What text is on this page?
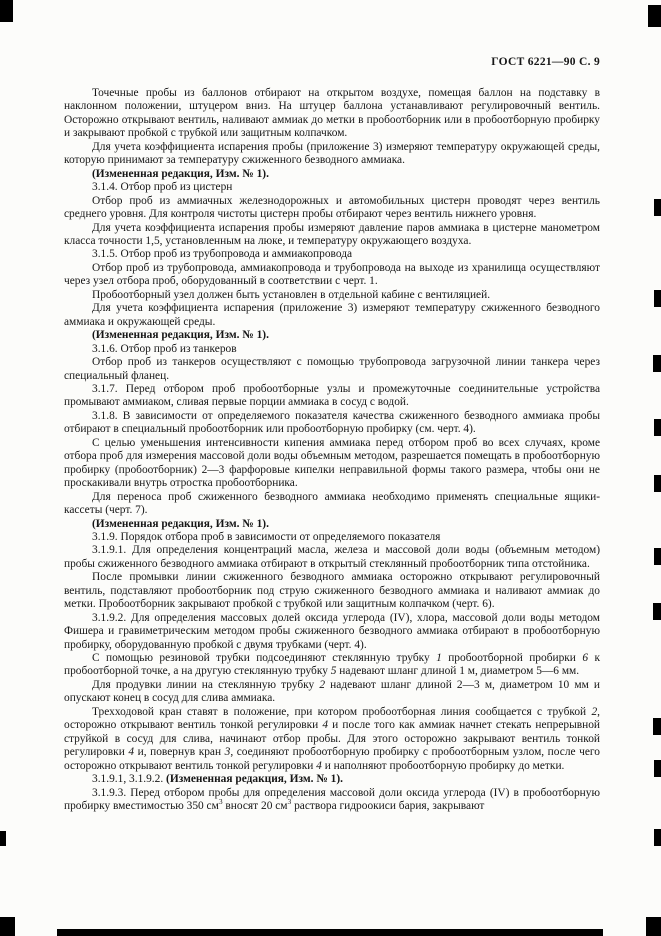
ГОСТ 6221—90 С. 9

Точечные пробы из баллонов отбирают на открытом воздухе, помещая баллон на подставку в наклонном положении, штуцером вниз. На штуцер баллона устанавливают регулировочный вентиль. Осторожно открывают вентиль, наливают аммиак до метки в пробоотборник или в пробоотборную пробирку и закрывают пробкой с трубкой или защитным колпачком.

Для учета коэффициента испарения пробы (приложение 3) измеряют температуру окружающей среды, которую принимают за температуру сжиженного безводного аммиака.

(Измененная редакция, Изм. № 1).

3.1.4. Отбор проб из цистерн

Отбор проб из аммиачных железнодорожных и автомобильных цистерн проводят через вентиль среднего уровня. Для контроля чистоты цистерн пробы отбирают через вентиль нижнего уровня.

Для учета коэффициента испарения пробы измеряют давление паров аммиака в цистерне манометром класса точности 1,5, установленным на люке, и температуру окружающего воздуха.

3.1.5. Отбор проб из трубопровода и аммиакопровода

Отбор проб из трубопровода, аммиакопровода и трубопровода на выходе из хранилища осуществляют через узел отбора проб, оборудованный в соответствии с черт. 1.

Пробоотборный узел должен быть установлен в отдельной кабине с вентиляцией.

Для учета коэффициента испарения (приложение 3) измеряют температуру сжиженного безводного аммиака и окружающей среды.

(Измененная редакция, Изм. № 1).

3.1.6. Отбор проб из танкеров

Отбор проб из танкеров осуществляют с помощью трубопровода загрузочной линии танкера через специальный фланец.

3.1.7. Перед отбором проб пробоотборные узлы и промежуточные соединительные устройства промывают аммиаком, сливая первые порции аммиака в сосуд с водой.

3.1.8. В зависимости от определяемого показателя качества сжиженного безводного аммиака пробы отбирают в специальный пробоотборник или пробоотборную пробирку (см. черт. 4).

С целью уменьшения интенсивности кипения аммиака перед отбором проб во всех случаях, кроме отбора проб для измерения массовой доли воды объемным методом, разрешается помещать в пробоотборную пробирку (пробоотборник) 2—3 фарфоровые кипелки неправильной формы такого размера, чтобы они не проскакивали внутрь отростка пробоотборника.

Для переноса проб сжиженного безводного аммиака необходимо применять специальные ящики-кассеты (черт. 7).

(Измененная редакция, Изм. № 1).

3.1.9. Порядок отбора проб в зависимости от определяемого показателя

3.1.9.1. Для определения концентраций масла, железа и массовой доли воды (объемным методом) пробы сжиженного безводного аммиака отбирают в открытый стеклянный пробоотборник типа отстойника.

После промывки линии сжиженного безводного аммиака осторожно открывают регулировочный вентиль, подставляют пробоотборник под струю сжиженного безводного аммиака и наливают аммиак до метки. Пробоотборник закрывают пробкой с трубкой или защитным колпачком (черт. 6).

3.1.9.2. Для определения массовых долей оксида углерода (IV), хлора, массовой доли воды методом Фишера и гравиметрическим методом пробы сжиженного безводного аммиака отбирают в пробоотборную пробирку, оборудованную пробкой с двумя трубками (черт. 4).

С помощью резиновой трубки подсоединяют стеклянную трубку 1 пробоотборной пробирки 6 к пробоотборной точке, а на другую стеклянную трубку 5 надевают шланг длиной 1 м, диаметром 5—6 мм.

Для продувки линии на стеклянную трубку 2 надевают шланг длиной 2—3 м, диаметром 10 мм и опускают конец в сосуд для слива аммиака.

Трехходовой кран ставят в положение, при котором пробоотборная линия сообщается с трубкой 2, осторожно открывают вентиль тонкой регулировки 4 и после того как аммиак начнет стекать непрерывной струйкой в сосуд для слива, начинают отбор пробы. Для этого осторожно закрывают вентиль тонкой регулировки 4 и, повернув кран 3, соединяют пробоотборную пробирку с пробоотборным узлом, после чего осторожно открывают вентиль тонкой регулировки 4 и наполняют пробоотборную пробирку до метки.

3.1.9.1, 3.1.9.2. (Измененная редакция, Изм. № 1).

3.1.9.3. Перед отбором пробы для определения массовой доли оксида углерода (IV) в пробоотборную пробирку вместимостью 350 $см^3$ вносят 20 $см^3$ раствора гидроокиси бария, закрывают
